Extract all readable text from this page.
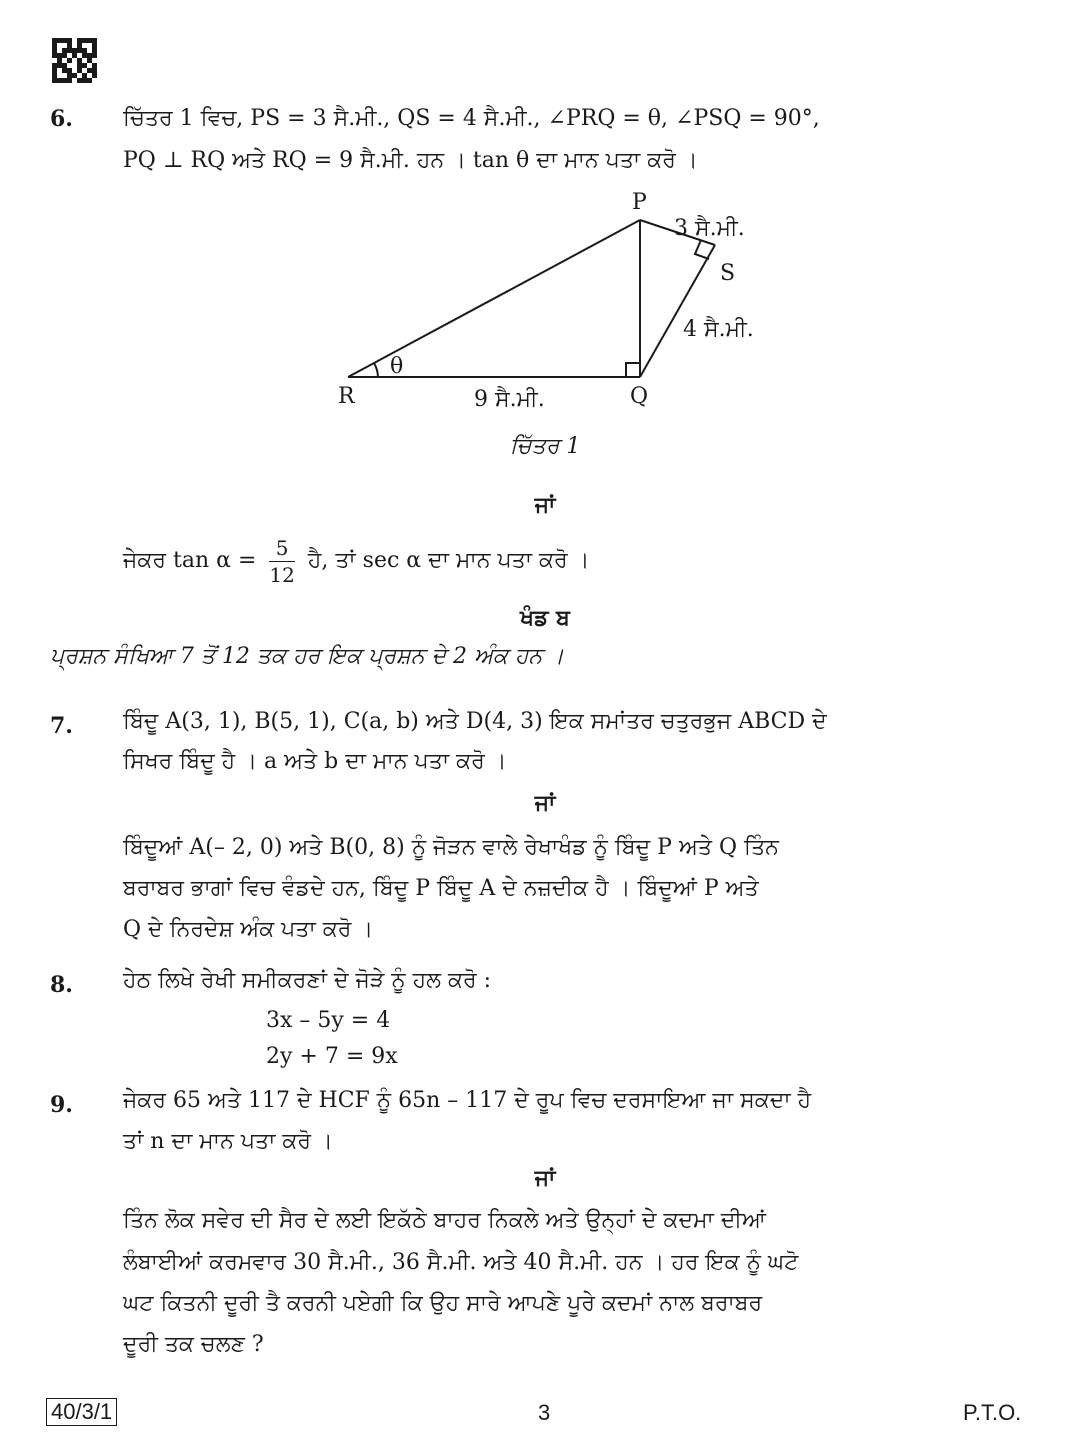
6. ਚਿੱਤਰ 1 ਵਿਚ, PS = 3 ਸੈ.ਮੀ., QS = 4 ਸੈ.ਮੀ., ∠PRQ = θ, ∠PSQ = 90°,
PQ ⊥ RQ ਅਤੇ RQ = 9 ਸੈ.ਮੀ. ਹਨ । tan θ ਦਾ ਮਾਨ ਪਤਾ ਕਰੋ ।
P
Q
R
S
θ
3 ਸੈ.ਮੀ.
4 ਸੈ.ਮੀ.
9 ਸੈ.ਮੀ.
ਚਿੱਤਰ 1
ਜਾਂ
ਜੇਕਰ $\tan \alpha = \frac{5}{12}$ ਹੈ, ਤਾਂ sec α ਦਾ ਮਾਨ ਪਤਾ ਕਰੋ ।
ਖੰਡ ਬ
ਪ੍ਰਸ਼ਨ ਸੰਖਿਆ 7 ਤੋਂ 12 ਤਕ ਹਰ ਇਕ ਪ੍ਰਸ਼ਨ ਦੇ 2 ਅੰਕ ਹਨ ।
7. ਬਿੰਦੂ A(3, 1), B(5, 1), C(a, b) ਅਤੇ D(4, 3) ਇਕ ਸਮਾਂਤਰ ਚਤੁਰਭੁਜ ABCD ਦੇ
ਸਿਖਰ ਬਿੰਦੂ ਹੈ । a ਅਤੇ b ਦਾ ਮਾਨ ਪਤਾ ਕਰੋ ।
ਜਾਂ
ਬਿੰਦੂਆਂ A(– 2, 0) ਅਤੇ B(0, 8) ਨੂੰ ਜੋੜਨ ਵਾਲੇ ਰੇਖਾਖੰਡ ਨੂੰ ਬਿੰਦੂ P ਅਤੇ Q ਤਿੰਨ
ਬਰਾਬਰ ਭਾਗਾਂ ਵਿਚ ਵੰਡਦੇ ਹਨ, ਬਿੰਦੂ P ਬਿੰਦੂ A ਦੇ ਨਜ਼ਦੀਕ ਹੈ । ਬਿੰਦੂਆਂ P ਅਤੇ
Q ਦੇ ਨਿਰਦੇਸ਼ ਅੰਕ ਪਤਾ ਕਰੋ ।
8. ਹੇਠ ਲਿਖੇ ਰੇਖੀ ਸਮੀਕਰਣਾਂ ਦੇ ਜੋੜੇ ਨੂੰ ਹਲ ਕਰੋ :
3x – 5y = 4
2y + 7 = 9x
9. ਜੇਕਰ 65 ਅਤੇ 117 ਦੇ HCF ਨੂੰ 65n – 117 ਦੇ ਰੂਪ ਵਿਚ ਦਰਸਾਇਆ ਜਾ ਸਕਦਾ ਹੈ
ਤਾਂ n ਦਾ ਮਾਨ ਪਤਾ ਕਰੋ ।
ਜਾਂ
ਤਿੰਨ ਲੋਕ ਸਵੇਰ ਦੀ ਸੈਰ ਦੇ ਲਈ ਇਕੱਠੇ ਬਾਹਰ ਨਿਕਲੇ ਅਤੇ ਉਨ੍ਹਾਂ ਦੇ ਕਦਮਾ ਦੀਆਂ
ਲੰਬਾਈਆਂ ਕਰਮਵਾਰ 30 ਸੈ.ਮੀ., 36 ਸੈ.ਮੀ. ਅਤੇ 40 ਸੈ.ਮੀ. ਹਨ । ਹਰ ਇਕ ਨੂੰ ਘਟੋ
ਘਟ ਕਿਤਨੀ ਦੂਰੀ ਤੈ ਕਰਨੀ ਪਏਗੀ ਕਿ ਉਹ ਸਾਰੇ ਆਪਣੇ ਪੂਰੇ ਕਦਮਾਂ ਨਾਲ ਬਰਾਬਰ
ਦੂਰੀ ਤਕ ਚਲਣ ?
40/3/1	3	P.T.O.
